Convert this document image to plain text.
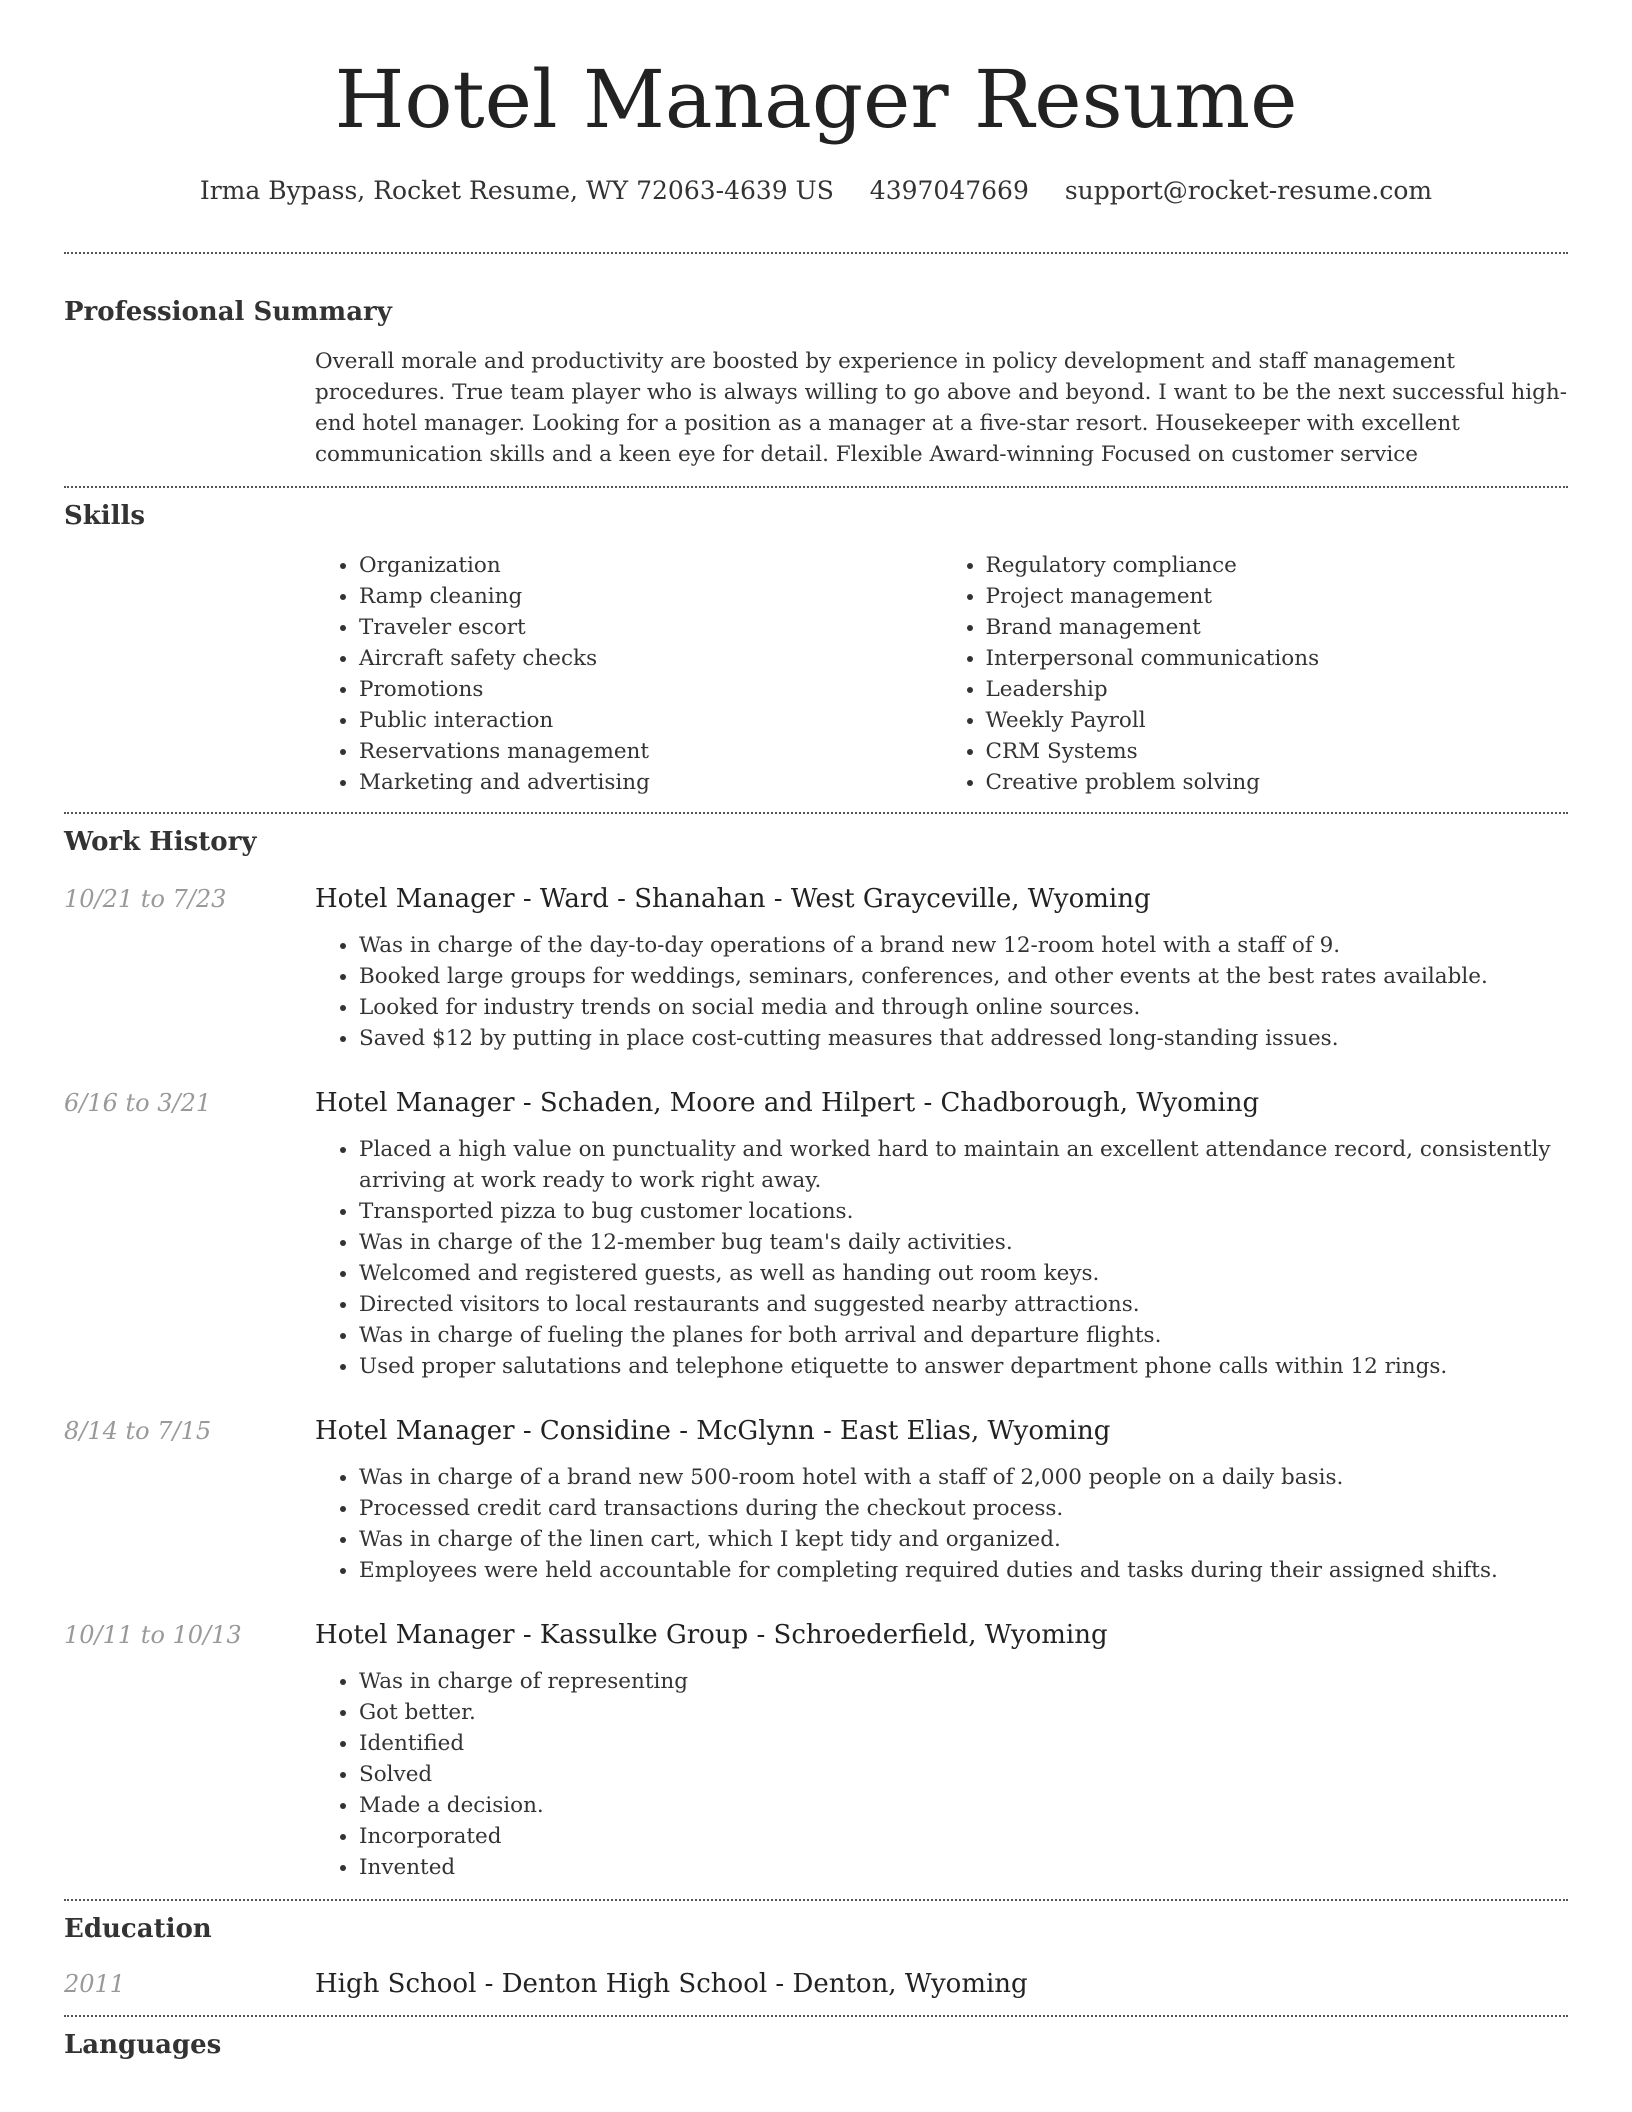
Hotel Manager Resume
Irma Bypass, Rocket Resume, WY 72063-4639 US 4397047669 support@rocket-resume.com
Professional Summary

Overall morale and productivity are boosted by experience in policy development and staff management procedures. True team player who is always willing to go above and beyond. I want to be the next successful high-end hotel manager. Looking for a position as a manager at a five-star resort. Housekeeper with excellent communication skills and a keen eye for detail. Flexible Award-winning Focused on customer service

Skills
• Organization
• Ramp cleaning
• Traveler escort
• Aircraft safety checks
• Promotions
• Public interaction
• Reservations management
• Marketing and advertising
• Regulatory compliance
• Project management
• Brand management
• Interpersonal communications
• Leadership
• Weekly Payroll
• CRM Systems
• Creative problem solving
Work History
10/21 to 7/23	Hotel Manager - Ward - Shanahan - West Grayceville, Wyoming
• Was in charge of the day-to-day operations of a brand new 12-room hotel with a staff of 9.
• Booked large groups for weddings, seminars, conferences, and other events at the best rates available.
• Looked for industry trends on social media and through online sources.
• Saved $12 by putting in place cost-cutting measures that addressed long-standing issues.
6/16 to 3/21	Hotel Manager - Schaden, Moore and Hilpert - Chadborough, Wyoming
• Placed a high value on punctuality and worked hard to maintain an excellent attendance record, consistently arriving at work ready to work right away.
• Transported pizza to bug customer locations.
• Was in charge of the 12-member bug team's daily activities.
• Welcomed and registered guests, as well as handing out room keys.
• Directed visitors to local restaurants and suggested nearby attractions.
• Was in charge of fueling the planes for both arrival and departure flights.
• Used proper salutations and telephone etiquette to answer department phone calls within 12 rings.
8/14 to 7/15	Hotel Manager - Considine - McGlynn - East Elias, Wyoming
• Was in charge of a brand new 500-room hotel with a staff of 2,000 people on a daily basis.
• Processed credit card transactions during the checkout process.
• Was in charge of the linen cart, which I kept tidy and organized.
• Employees were held accountable for completing required duties and tasks during their assigned shifts.
10/11 to 10/13	Hotel Manager - Kassulke Group - Schroederfield, Wyoming
• Was in charge of representing
• Got better.
• Identified
• Solved
• Made a decision.
• Incorporated
• Invented
Education
2011	High School - Denton High School - Denton, Wyoming
Languages
